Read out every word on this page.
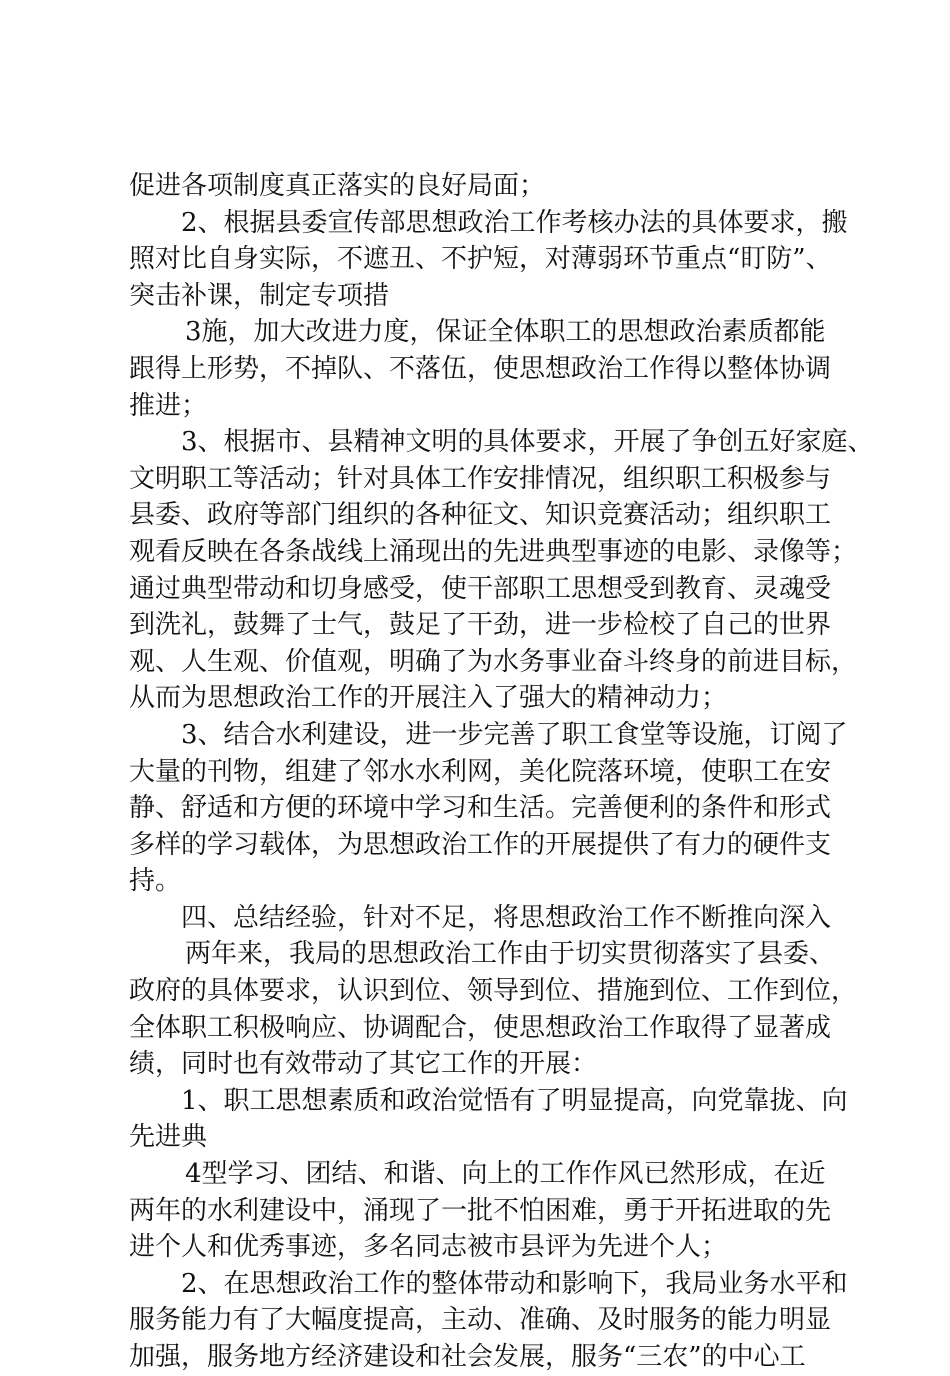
促进各项制度真正落实的良好局面；
2、根据县委宣传部思想政治工作考核办法的具体要求，搬
照对比自身实际，不遮丑、不护短，对薄弱环节重点“盯防”、
突击补课，制定专项措
3施，加大改进力度，保证全体职工的思想政治素质都能
跟得上形势，不掉队、不落伍，使思想政治工作得以整体协调
推进；
3、根据市、县精神文明的具体要求，开展了争创五好家庭、
文明职工等活动；针对具体工作安排情况，组织职工积极参与
县委、政府等部门组织的各种征文、知识竞赛活动；组织职工
观看反映在各条战线上涌现出的先进典型事迹的电影、录像等；
通过典型带动和切身感受，使干部职工思想受到教育、灵魂受
到洗礼，鼓舞了士气，鼓足了干劲，进一步检校了自己的世界
观、人生观、价值观，明确了为水务事业奋斗终身的前进目标，
从而为思想政治工作的开展注入了强大的精神动力；
3、结合水利建设，进一步完善了职工食堂等设施，订阅了
大量的刊物，组建了邻水水利网，美化院落环境，使职工在安
静、舒适和方便的环境中学习和生活。完善便利的条件和形式
多样的学习载体，为思想政治工作的开展提供了有力的硬件支
持。
四、总结经验，针对不足，将思想政治工作不断推向深入
两年来，我局的思想政治工作由于切实贯彻落实了县委、
政府的具体要求，认识到位、领导到位、措施到位、工作到位，
全体职工积极响应、协调配合，使思想政治工作取得了显著成
绩，同时也有效带动了其它工作的开展：
1、职工思想素质和政治觉悟有了明显提高，向党靠拢、向
先进典
4型学习、团结、和谐、向上的工作作风已然形成，在近
两年的水利建设中，涌现了一批不怕困难，勇于开拓进取的先
进个人和优秀事迹，多名同志被市县评为先进个人；
2、在思想政治工作的整体带动和影响下，我局业务水平和
服务能力有了大幅度提高，主动、准确、及时服务的能力明显
加强，服务地方经济建设和社会发展，服务“三农”的中心工
